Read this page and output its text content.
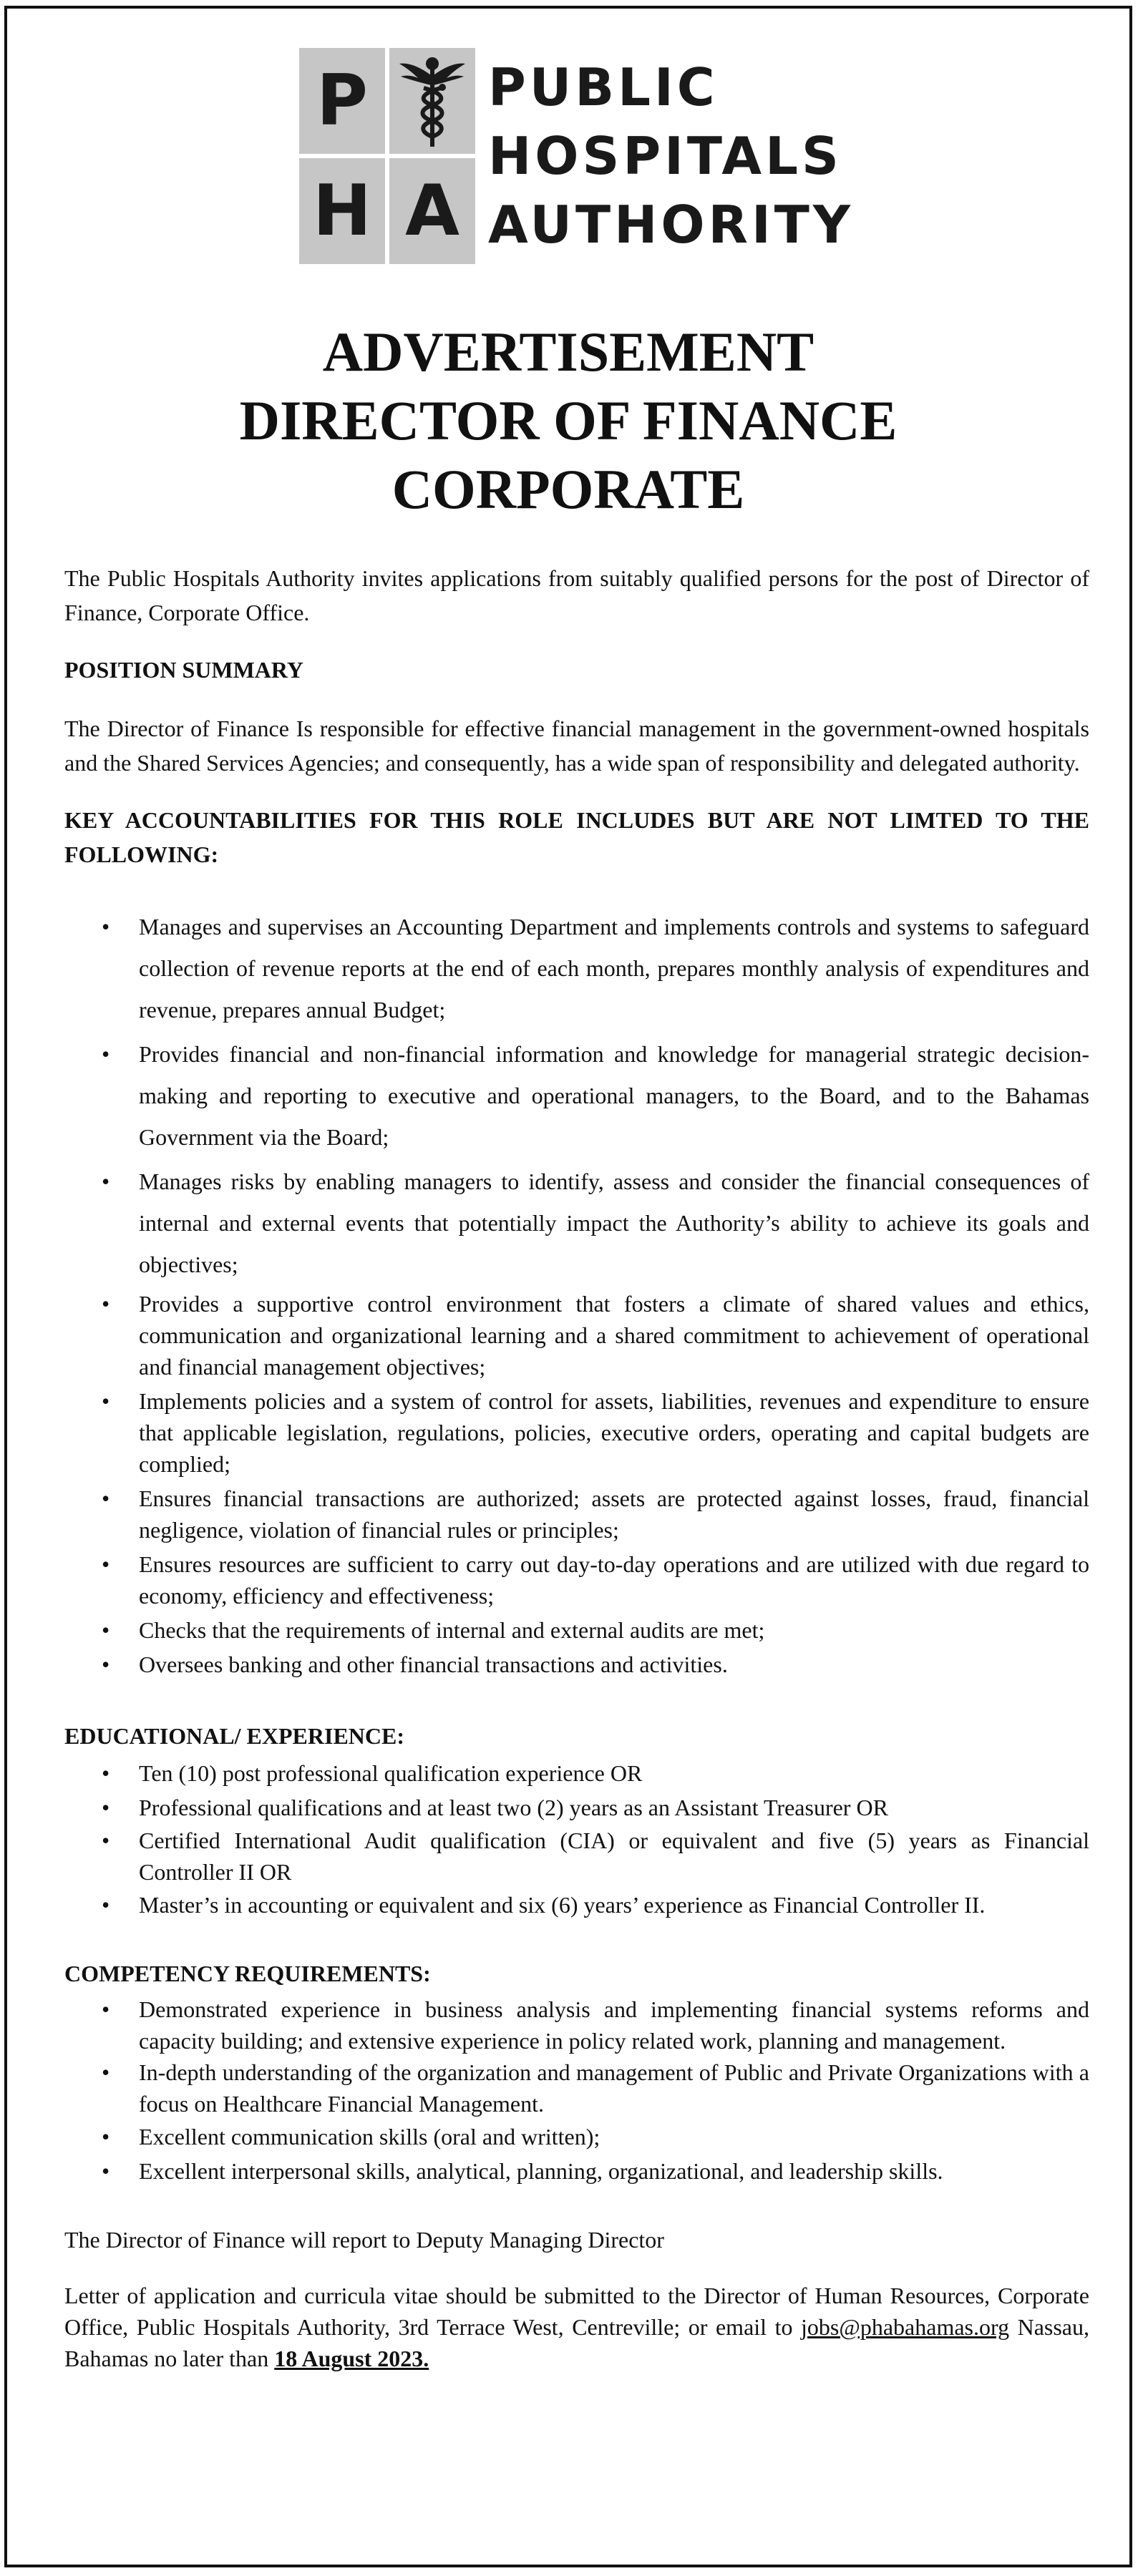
P
H A
PUBLIC
HOSPITALS
AUTHORITY
ADVERTISEMENT
DIRECTOR OF FINANCE
CORPORATE

The Public Hospitals Authority invites applications from suitably qualified persons for the post of Director of Finance, Corporate Office.

POSITION SUMMARY

The Director of Finance Is responsible for effective financial management in the government-owned hospitals and the Shared Services Agencies; and consequently, has a wide span of responsibility and delegated authority.

KEY ACCOUNTABILITIES FOR THIS ROLE INCLUDES BUT ARE NOT LIMTED TO THE FOLLOWING:
• Manages and supervises an Accounting Department and implements controls and systems to safeguard collection of revenue reports at the end of each month, prepares monthly analysis of expenditures and revenue, prepares annual Budget;
• Provides financial and non-financial information and knowledge for managerial strategic decision-making and reporting to executive and operational managers, to the Board, and to the Bahamas Government via the Board;
• Manages risks by enabling managers to identify, assess and consider the financial consequences of internal and external events that potentially impact the Authority’s ability to achieve its goals and objectives;
• Provides a supportive control environment that fosters a climate of shared values and ethics, communication and organizational learning and a shared commitment to achievement of operational and financial management objectives;
• Implements policies and a system of control for assets, liabilities, revenues and expenditure to ensure that applicable legislation, regulations, policies, executive orders, operating and capital budgets are complied;
• Ensures financial transactions are authorized; assets are protected against losses, fraud, financial negligence, violation of financial rules or principles;
• Ensures resources are sufficient to carry out day-to-day operations and are utilized with due regard to economy, efficiency and effectiveness;
• Checks that the requirements of internal and external audits are met;
• Oversees banking and other financial transactions and activities.
EDUCATIONAL/ EXPERIENCE:
• Ten (10) post professional qualification experience OR
• Professional qualifications and at least two (2) years as an Assistant Treasurer OR
• Certified International Audit qualification (CIA) or equivalent and five (5) years as Financial Controller II OR
• Master’s in accounting or equivalent and six (6) years’ experience as Financial Controller II.
COMPETENCY REQUIREMENTS:
• Demonstrated experience in business analysis and implementing financial systems reforms and capacity building; and extensive experience in policy related work, planning and management.
• In-depth understanding of the organization and management of Public and Private Organizations with a focus on Healthcare Financial Management.
• Excellent communication skills (oral and written);
• Excellent interpersonal skills, analytical, planning, organizational, and leadership skills.

The Director of Finance will report to Deputy Managing Director

Letter of application and curricula vitae should be submitted to the Director of Human Resources, Corporate Office, Public Hospitals Authority, 3rd Terrace West, Centreville; or email to jobs@phabahamas.org Nassau, Bahamas no later than 18 August 2023.
